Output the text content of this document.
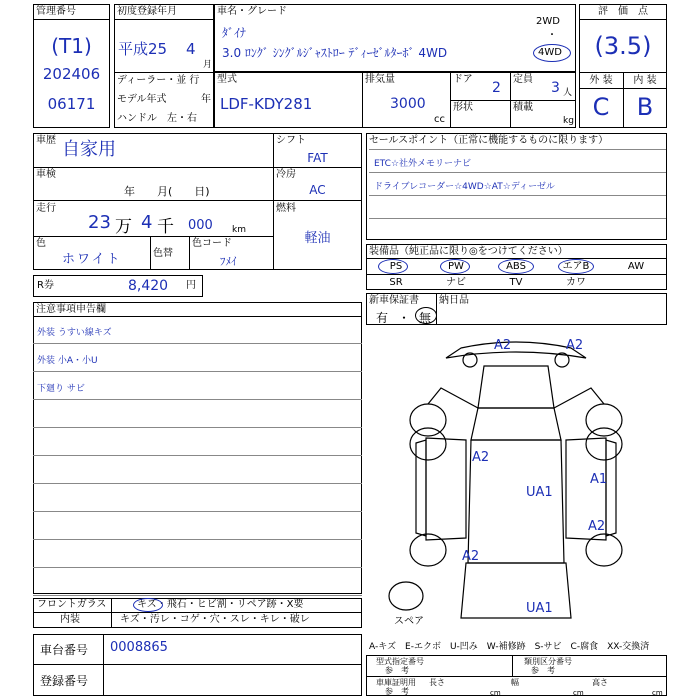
管理番号
(T1)
202406
06171
初度登録年月
平成25 4
月
ディーラー・並 行
モデル年式	年
ハンドル　左・右
車名・グレード
ﾀﾞｲﾅ
3.0 ﾛﾝｸﾞ ｼﾝｸﾞﾙｼﾞｬｽﾄﾛｰ ﾃﾞｨｰｾﾞﾙﾀｰﾎﾞ 4WD
2WD
・
4WD
型式
LDF-KDY281
排気量
3000
cc
ドア
2
定員
3 人
形状	積載
kg
評　価　点
(3.5)
外 装	内 装
C	B
車歴 自家用
車検
年　　月(　　日)
走行
23 万 4 千 000 km
色
ホワイト	色替
色コード
ﾌﾒｲ
シフト
FAT
冷房
AC
燃料
軽油
R券	8,420 円
注意事項申告欄
外装 うすい線キズ
外装 小A・小U
下廻り サビ
フロントガラス	キズ・飛石・ヒビ割・リペア跡・X要
内装	キズ・汚レ・コゲ・穴・スレ・キレ・破レ
車台番号 0008865
登録番号
セールスポイント（正常に機能するものに限ります）
ETC☆社外メモリーナビ
ドライブレコーダー☆4WD☆AT☆ディーゼル
装備品（純正品に限り◎をつけてください）
PS	PW	ABS	エアB	AW
SR	ナビ	TV	カワ
新車保証書
有 ・ 無
納日品
A2	A2
A2
UA1
A1
A2
A2
UA1
スペア
A-キズ　E-エクボ　U-凹み　W-補修跡　S-サビ　C-腐食　XX-交換済
型式指定番号
参　考
類別区分番号
参　考
車庫証明用
参　考
長さ
cm
幅
cm
高さ
cm
